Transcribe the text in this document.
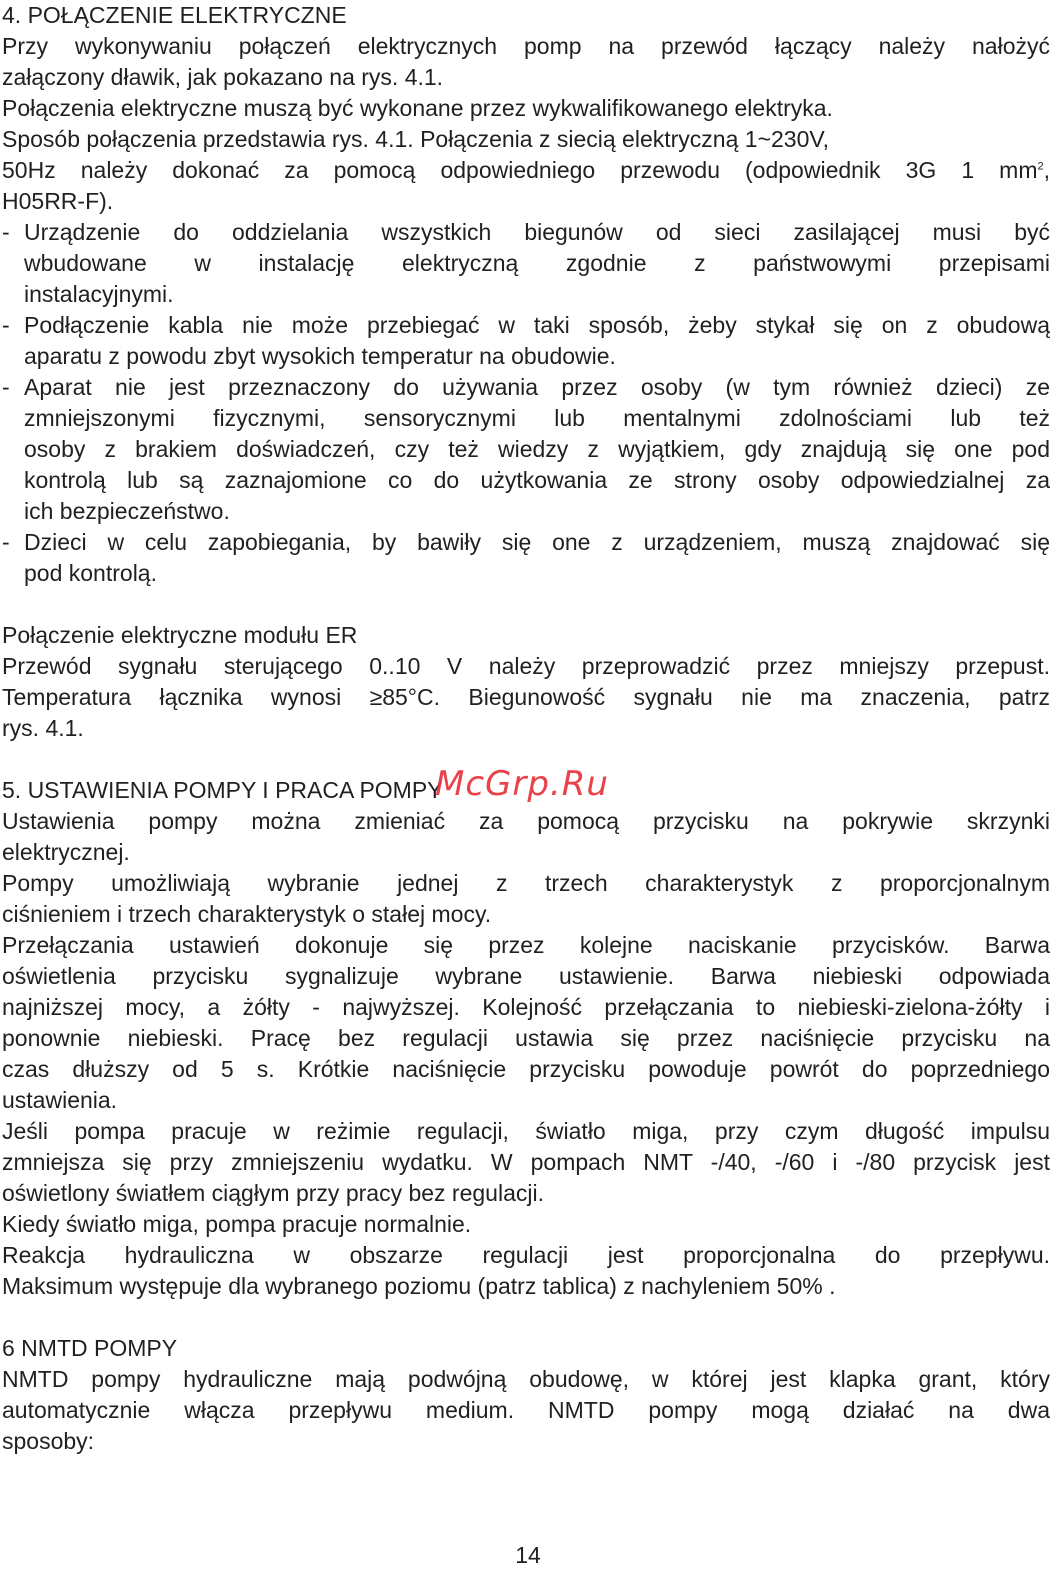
4. POŁĄCZENIE ELEKTRYCZNE
Przy wykonywaniu połączeń elektrycznych pomp na przewód łączący należy nałożyć
załączony dławik, jak pokazano na rys. 4.1.
Połączenia elektryczne muszą być wykonane przez wykwalifikowanego elektryka.
Sposób połączenia przedstawia rys. 4.1. Połączenia z siecią elektryczną 1~230V,
50Hz należy dokonać za pomocą odpowiedniego przewodu (odpowiednik 3G 1 $mm^2$,
H05RR-F).
- Urządzenie do oddzielania wszystkich biegunów od sieci zasilającej musi być
wbudowane w instalację elektryczną zgodnie z państwowymi przepisami
instalacyjnymi.
- Podłączenie kabla nie może przebiegać w taki sposób, żeby stykał się on z obudową
aparatu z powodu zbyt wysokich temperatur na obudowie.
- Aparat nie jest przeznaczony do używania przez osoby (w tym również dzieci) ze
zmniejszonymi fizycznymi, sensorycznymi lub mentalnymi zdolnościami lub też
osoby z brakiem doświadczeń, czy też wiedzy z wyjątkiem, gdy znajdują się one pod
kontrolą lub są zaznajomione co do użytkowania ze strony osoby odpowiedzialnej za
ich bezpieczeństwo.
- Dzieci w celu zapobiegania, by bawiły się one z urządzeniem, muszą znajdować się
pod kontrolą.
Połączenie elektryczne modułu ER
Przewód sygnału sterującego 0..10 V należy przeprowadzić przez mniejszy przepust.
Temperatura łącznika wynosi ≥85°C. Biegunowość sygnału nie ma znaczenia, patrz
rys. 4.1.
5. USTAWIENIA POMPY I PRACA POMPY
Ustawienia pompy można zmieniać za pomocą przycisku na pokrywie skrzynki
elektrycznej.
Pompy umożliwiają wybranie jednej z trzech charakterystyk z proporcjonalnym
ciśnieniem i trzech charakterystyk o stałej mocy.
Przełączania ustawień dokonuje się przez kolejne naciskanie przycisków. Barwa
oświetlenia przycisku sygnalizuje wybrane ustawienie. Barwa niebieski odpowiada
najniższej mocy, a żółty - najwyższej. Kolejność przełączania to niebieski-zielona-żółty i
ponownie niebieski. Pracę bez regulacji ustawia się przez naciśnięcie przycisku na
czas dłuższy od 5 s. Krótkie naciśnięcie przycisku powoduje powrót do poprzedniego
ustawienia.
Jeśli pompa pracuje w reżimie regulacji, światło miga, przy czym długość impulsu
zmniejsza się przy zmniejszeniu wydatku. W pompach NMT -/40, -/60 i -/80 przycisk jest
oświetlony światłem ciągłym przy pracy bez regulacji.
Kiedy światło miga, pompa pracuje normalnie.
Reakcja hydrauliczna w obszarze regulacji jest proporcjonalna do przepływu.
Maksimum występuje dla wybranego poziomu (patrz tablica) z nachyleniem 50% .
6 NMTD POMPY
NMTD pompy hydrauliczne mają podwójną obudowę, w której jest klapka grant, który
automatycznie włącza przepływu medium. NMTD pompy mogą działać na dwa
sposoby:
McGrp.Ru
14
